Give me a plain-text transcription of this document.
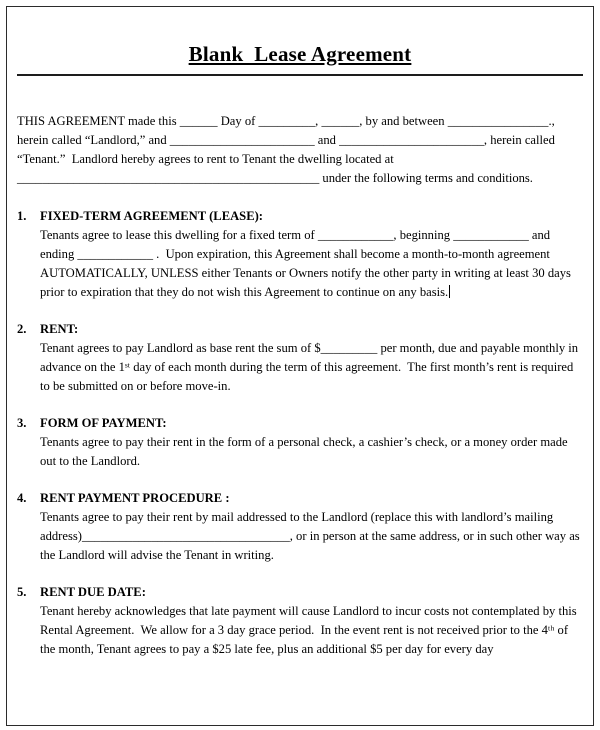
Blank  Lease Agreement

THIS AGREEMENT made this ______ Day of _________, ______, by and between ________________., herein called “Landlord,” and _______________________ and _______________________, herein called “Tenant.”  Landlord hereby agrees to rent to Tenant the dwelling located at ________________________________________________ under the following terms and conditions.

1.	FIXED-TERM AGREEMENT (LEASE):

Tenants agree to lease this dwelling for a fixed term of ____________, beginning ____________ and ending ____________ .  Upon expiration, this Agreement shall become a month-to-month agreement AUTOMATICALLY, UNLESS either Tenants or Owners notify the other party in writing at least 30 days prior to expiration that they do not wish this Agreement to continue on any basis.

2.	RENT:

Tenant agrees to pay Landlord as base rent the sum of $_________ per month, due and payable monthly in advance on the 1ˢᵗ day of each month during the term of this agreement.  The first month’s rent is required to be submitted on or before move-in.

3.	FORM OF PAYMENT:

Tenants agree to pay their rent in the form of a personal check, a cashier’s check, or a money order made out to the Landlord.

4.	RENT PAYMENT PROCEDURE :

Tenants agree to pay their rent by mail addressed to the Landlord (replace this with landlord’s mailing address)_________________________________, or in person at the same address, or in such other way as the Landlord will advise the Tenant in writing.

5.	RENT DUE DATE:

Tenant hereby acknowledges that late payment will cause Landlord to incur costs not contemplated by this Rental Agreement.  We allow for a 3 day grace period.  In the event rent is not received prior to the 4ᵗʰ of the month, Tenant agrees to pay a $25 late fee, plus an additional $5 per day for every day
